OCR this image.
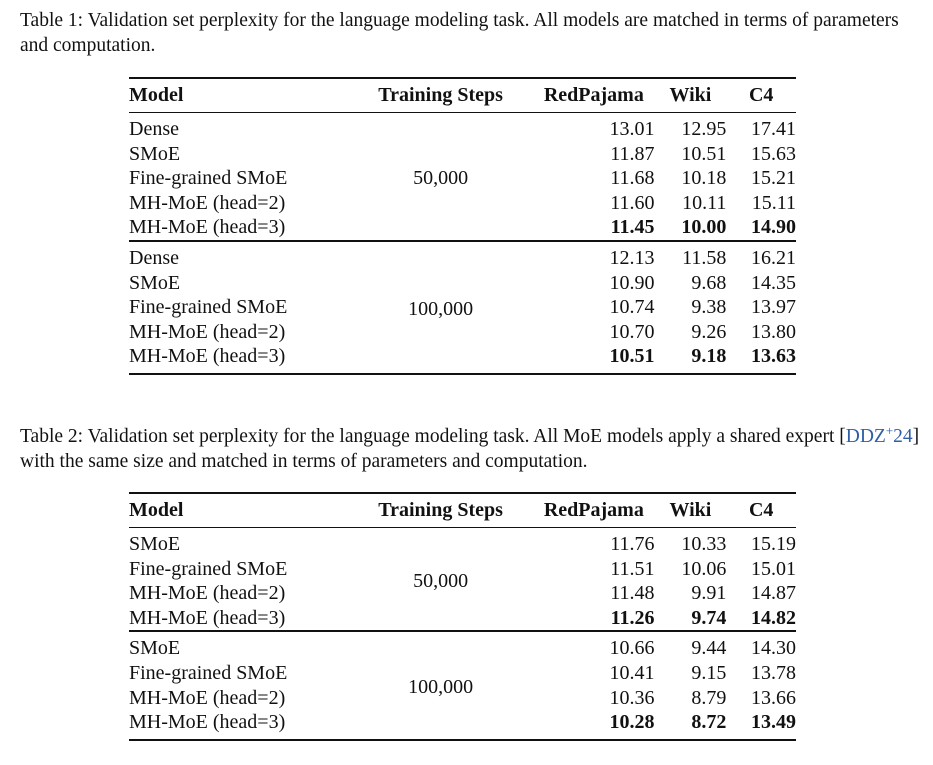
Table 1: Validation set perplexity for the language modeling task. All models are matched in terms of parameters and computation.

Model	Training Steps	RedPajama	Wiki	C4
Dense	50,000	13.01	12.95	17.41
SMoE		11.87	10.51	15.63
Fine-grained SMoE		11.68	10.18	15.21
MH-MoE (head=2)		11.60	10.11	15.11
MH-MoE (head=3)		11.45	10.00	14.90
Dense	100,000	12.13	11.58	16.21
SMoE		10.90	9.68	14.35
Fine-grained SMoE		10.74	9.38	13.97
MH-MoE (head=2)		10.70	9.26	13.80
MH-MoE (head=3)		10.51	9.18	13.63

Table 2: Validation set perplexity for the language modeling task. All MoE models apply a shared expert [DDZ+24] with the same size and matched in terms of parameters and computation.

Model	Training Steps	RedPajama	Wiki	C4
SMoE	50,000	11.76	10.33	15.19
Fine-grained SMoE		11.51	10.06	15.01
MH-MoE (head=2)		11.48	9.91	14.87
MH-MoE (head=3)		11.26	9.74	14.82
SMoE	100,000	10.66	9.44	14.30
Fine-grained SMoE		10.41	9.15	13.78
MH-MoE (head=2)		10.36	8.79	13.66
MH-MoE (head=3)		10.28	8.72	13.49
